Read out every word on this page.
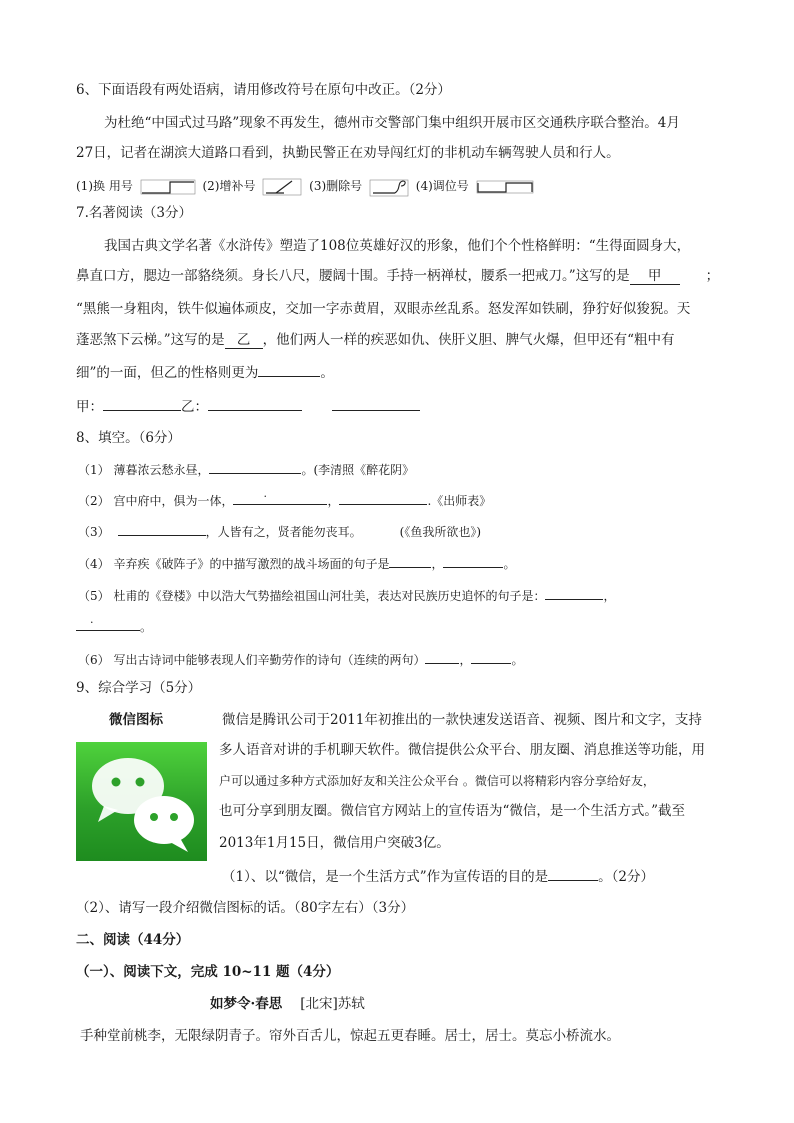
6、下面语段有两处语病，请用修改符号在原句中改正。（2分）
为杜绝“中国式过马路”现象不再发生，德州市交警部门集中组织开展市区交通秩序联合整治。4月
27日，记者在湖滨大道路口看到，执勤民警正在劝导闯红灯的非机动车辆驾驶人员和行人。
(1)换 用号	(2)增补号	(3)删除号	(4)调位号
7.名著阅读（3分）
我国古典文学名著《水浒传》塑造了108位英雄好汉的形象，他们个个性格鲜明：“生得面圆身大，
鼻直口方，腮边一部貉绕须。身长八尺，腰阔十围。手持一柄禅杖，腰系一把戒刀。”这写的是 甲	；
“黑熊一身粗肉，铁牛似遍体顽皮，交加一字赤黄眉，双眼赤丝乱系。怒发浑如铁刷，狰狞好似狻猊。天
蓬恶煞下云梯。”这写的是 乙 ，他们两人一样的疾恶如仇、侠肝义胆、脾气火爆，但甲还有“粗中有
细”的一面，但乙的性格则更为	。
甲：	乙：
8、填空。（6分）
（1） 薄暮浓云愁永昼，	。(李清照《醉花阴》
（2） 宫中府中，俱为一体，
.
，	.《出师表》
（3）	，人皆有之，贤者能勿丧耳。	(《鱼我所欲也》)
（4） 辛弃疾《破阵子》的中描写激烈的战斗场面的句子是	，	。
（5） 杜甫的《登楼》中以浩大气势描绘祖国山河壮美，表达对民族历史追怀的句子是：	，
.
。
（6） 写出古诗词中能够表现人们辛勤劳作的诗句（连续的两句）	，	。
9、综合学习（5分）
微信图标	微信是腾讯公司于2011年初推出的一款快速发送语音、视频、图片和文字，支持
多人语音对讲的手机聊天软件。微信提供公众平台、朋友圈、消息推送等功能，用
户可以通过多种方式添加好友和关注公众平台 。微信可以将精彩内容分享给好友，
也可分享到朋友圈。微信官方网站上的宣传语为“微信，是一个生活方式。”截至
2013年1月15日，微信用户突破3亿。
（1）、以“微信，是一个生活方式”作为宣传语的目的是	。（2分）
（2）、请写一段介绍微信图标的话。（80字左右）（3分）
二、阅读（44分）
（一）、阅读下文，完成 10~11 题（4分）
如梦令·春思 [北宋]苏轼
手种堂前桃李，无限绿阴青子。帘外百舌儿，惊起五更春睡。居士，居士。莫忘小桥流水。
